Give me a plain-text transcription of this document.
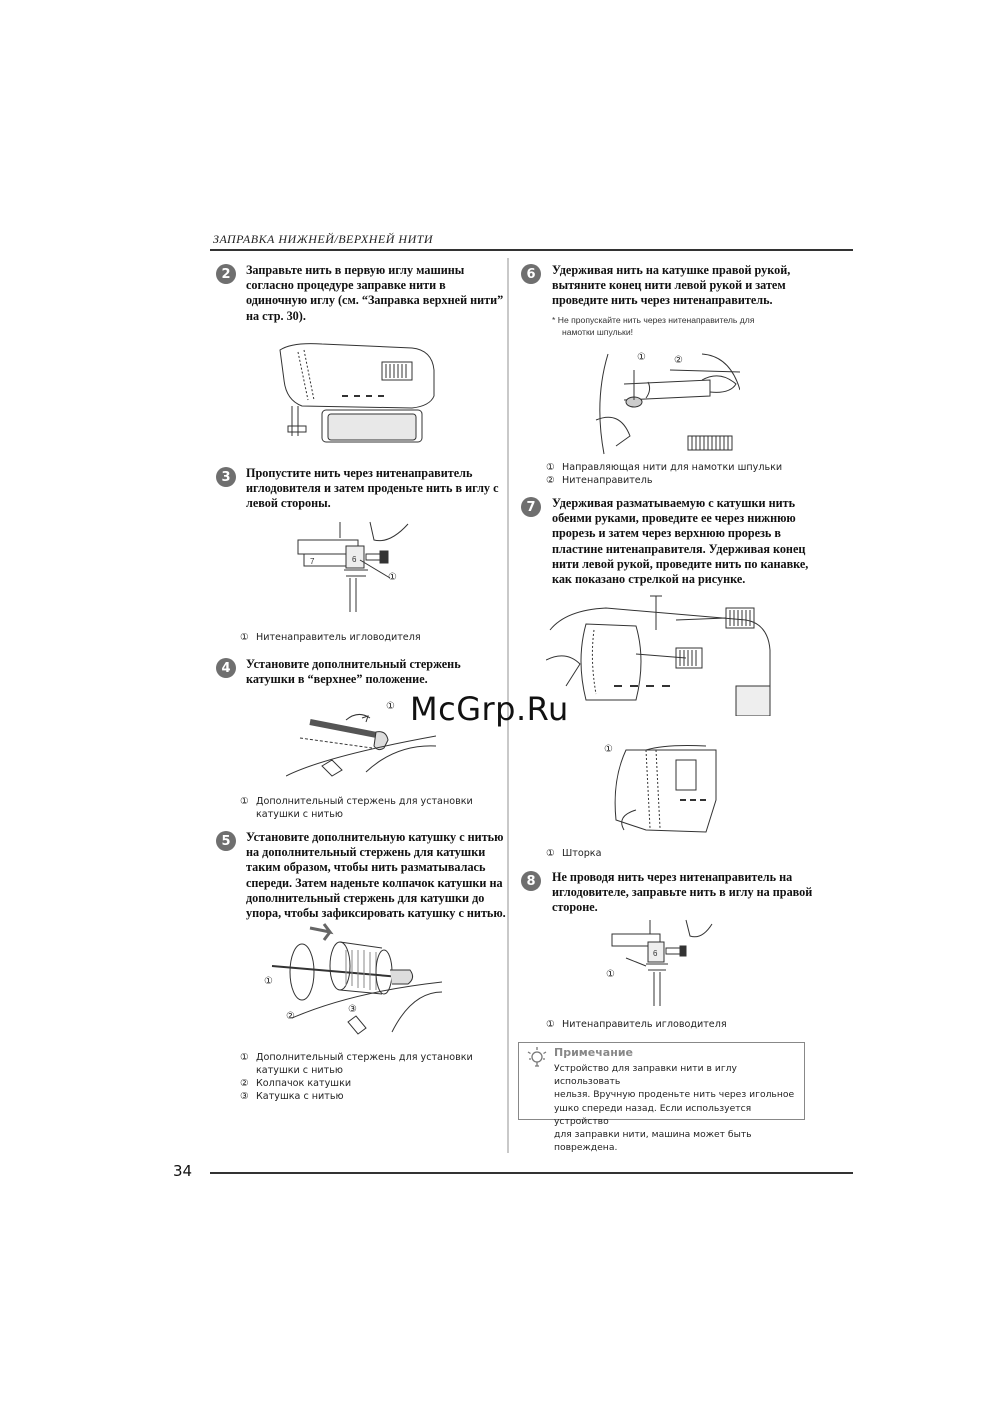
ЗАПРАВКА НИЖНЕЙ/ВЕРХНЕЙ НИТИ
2	Заправьте нить в первую иглу машины
согласно процедуре заправке нити в
одиночную иглу (см. “Заправка верхней нити”
на стр. 30).
3	Пропустите нить через нитенаправитель
иглодовителя и затем проденьте нить в иглу с
левой стороны.
7	6
①
① Нитенаправитель игловодителя
4	Установите дополнительный стержень
катушки в “верхнее” положение.
①
① Дополнительный стержень для установки
катушки с нитью
5	Установите дополнительную катушку с нитью
на дополнительный стержень для катушки
таким образом, чтобы нить разматывалась
спереди. Затем наденьте колпачок катушки на
дополнительный стержень для катушки до
упора, чтобы зафиксировать катушку с нитью.
①
②
③
① Дополнительный стержень для установки
катушки с нитью
② Колпачок катушки
③ Катушка с нитью
6	Удерживая нить на катушке правой рукой,
вытяните конец нити левой рукой и затем
проведите нить через нитенаправитель.
* Не пропускайте нить через нитенаправитель для
намотки шпульки!
①	②
① Направляющая нити для намотки шпульки
② Нитенаправитель
7	Удерживая разматываемую с катушки нить
обеими руками, проведите ее через нижнюю
прорезь и затем через верхнюю прорезь в
пластине нитенаправителя. Удерживая конец
нити левой рукой, проведите нить по канавке,
как показано стрелкой на рисунке.
①
① Шторка
8	Не проводя нить через нитенаправитель на
иглодовителе, заправьте нить в иглу на правой
стороне.
6
①
① Нитенаправитель игловодителя
Примечание
Устройство для заправки нити в иглу использовать
нельзя. Вручную проденьте нить через игольное
ушко спереди назад. Если используется устройство
для заправки нити, машина может быть повреждена.
McGrp.Ru
34
